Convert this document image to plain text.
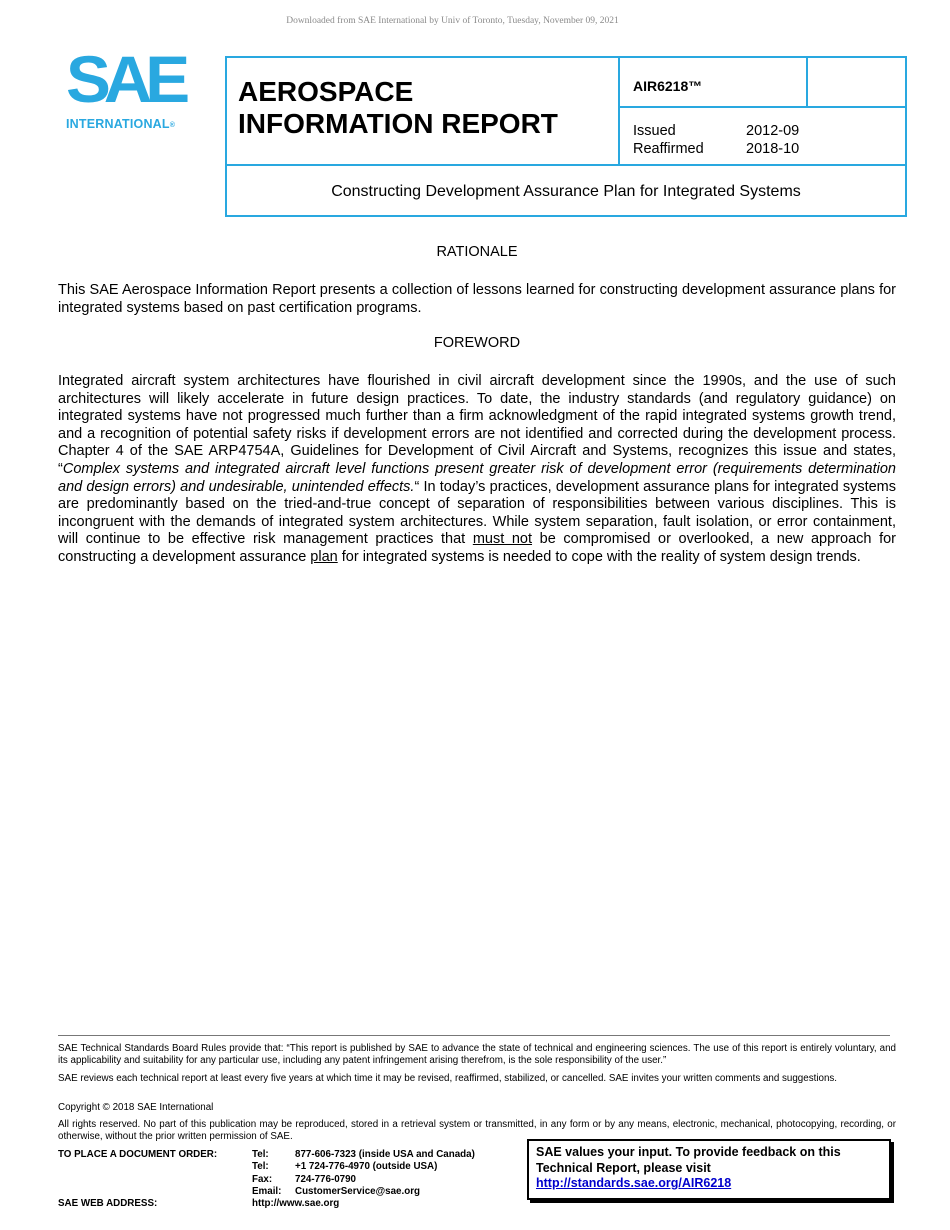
Downloaded from SAE International by Univ of Toronto, Tuesday, November 09, 2021
SAE
INTERNATIONAL®
AEROSPACE
INFORMATION REPORT
AIR6218™
Issued
Reaffirmed
2012-09
2018-10
Constructing Development Assurance Plan for Integrated Systems
RATIONALE

This SAE Aerospace Information Report presents a collection of lessons learned for constructing development assurance plans for integrated systems based on past certification programs.

FOREWORD

Integrated aircraft system architectures have flourished in civil aircraft development since the 1990s, and the use of such architectures will likely accelerate in future design practices. To date, the industry standards (and regulatory guidance) on integrated systems have not progressed much further than a firm acknowledgment of the rapid integrated systems growth trend, and a recognition of potential safety risks if development errors are not identified and corrected during the development process. Chapter 4 of the SAE ARP4754A, Guidelines for Development of Civil Aircraft and Systems, recognizes this issue and states, “Complex systems and integrated aircraft level functions present greater risk of development error (requirements determination and design errors) and undesirable, unintended effects.“ In today’s practices, development assurance plans for integrated systems are predominantly based on the tried-and-true concept of separation of responsibilities between various disciplines. This is incongruent with the demands of integrated system architectures. While system separation, fault isolation, or error containment, will continue to be effective risk management practices that must not be compromised or overlooked, a new approach for constructing a development assurance plan for integrated systems is needed to cope with the reality of system design trends.

SAE Technical Standards Board Rules provide that: “This report is published by SAE to advance the state of technical and engineering sciences. The use of this report is entirely voluntary, and its applicability and suitability for any particular use, including any patent infringement arising therefrom, is the sole responsibility of the user.”

SAE reviews each technical report at least every five years at which time it may be revised, reaffirmed, stabilized, or cancelled. SAE invites your written comments and suggestions.

Copyright © 2018 SAE International

All rights reserved. No part of this publication may be reproduced, stored in a retrieval system or transmitted, in any form or by any means, electronic, mechanical, photocopying, recording, or otherwise, without the prior written permission of SAE.

TO PLACE A DOCUMENT ORDER:
SAE WEB ADDRESS:
Tel:	877-606-7323 (inside USA and Canada)
Tel:	+1 724-776-4970 (outside USA)
Fax: 724-776-0790
Email: CustomerService@sae.org
http://www.sae.org
SAE values your input. To provide feedback on this
Technical Report, please visit
http://standards.sae.org/AIR6218
